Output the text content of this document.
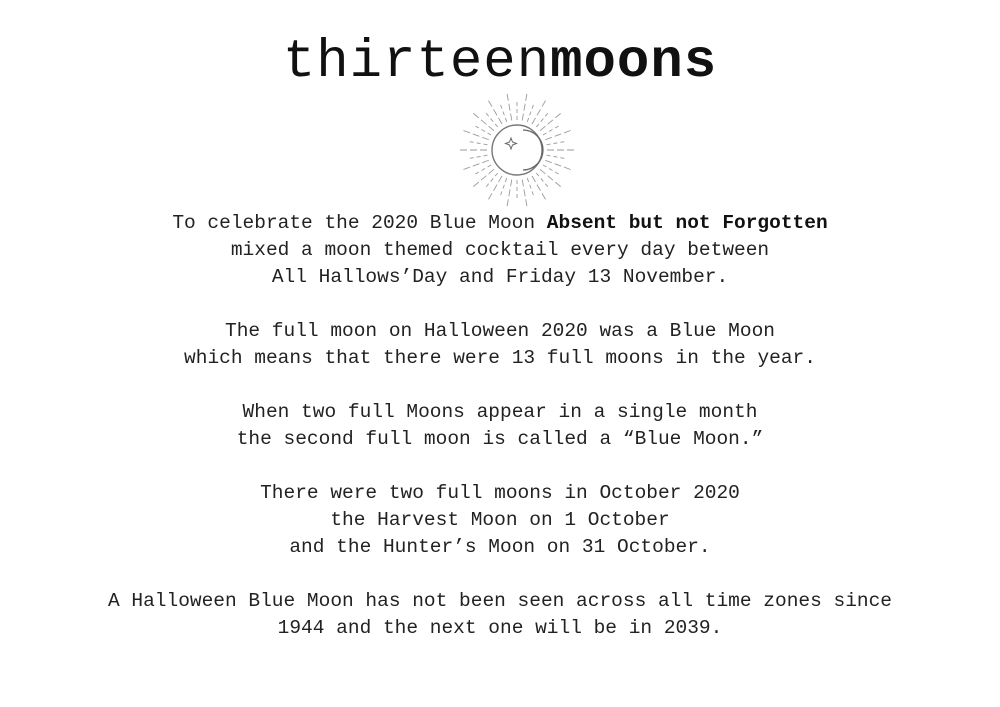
thirteenmoons
To celebrate the 2020 Blue Moon Absent but not Forgotten
mixed a moon themed cocktail every day between
All Hallows’Day and Friday 13 November.
The full moon on Halloween 2020 was a Blue Moon
which means that there were 13 full moons in the year.
When two full Moons appear in a single month
the second full moon is called a “Blue Moon.”
There were two full moons in October 2020
the Harvest Moon on 1 October
and the Hunter’s Moon on 31 October.
A Halloween Blue Moon has not been seen across all time zones since
1944 and the next one will be in 2039.
